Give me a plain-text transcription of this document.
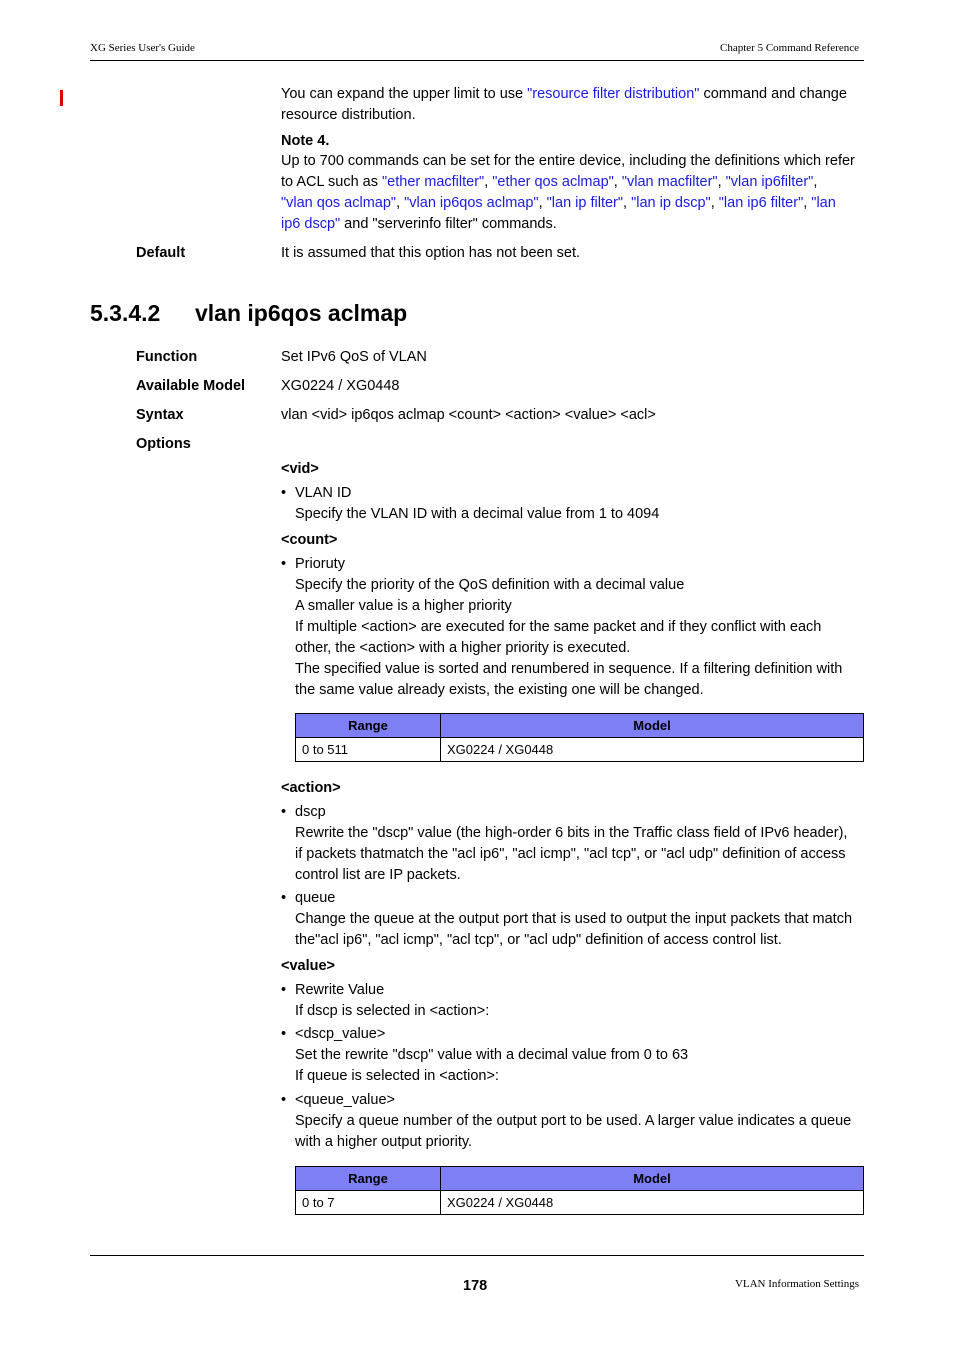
XG Series User's Guide	Chapter 5 Command Reference
You can expand the upper limit to use "resource filter distribution" command and change
resource distribution.
Note 4.
Up to 700 commands can be set for the entire device, including the definitions which refer
to ACL such as "ether macfilter", "ether qos aclmap", "vlan macfilter", "vlan ip6filter",
"vlan qos aclmap", "vlan ip6qos aclmap", "lan ip filter", "lan ip dscp", "lan ip6 filter", "lan
ip6 dscp" and "serverinfo filter" commands.
Default	It is assumed that this option has not been set.
5.3.4.2 vlan ip6qos aclmap
Function	Set IPv6 QoS of VLAN
Available Model XG0224 / XG0448
Syntax	vlan <vid> ip6qos aclmap <count> <action> <value> <acl>
Options
<vid>
• VLAN ID
Specify the VLAN ID with a decimal value from 1 to 4094
<count>
• Prioruty
Specify the priority of the QoS definition with a decimal value
A smaller value is a higher priority
If multiple <action> are executed for the same packet and if they conflict with each
other, the <action> with a higher priority is executed.
The specified value is sorted and renumbered in sequence. If a filtering definition with
the same value already exists, the existing one will be changed.
Range	Model
0 to 511	XG0224 / XG0448
<action>
• dscp
Rewrite the "dscp" value (the high-order 6 bits in the Traffic class field of IPv6 header),
if packets thatmatch the "acl ip6", "acl icmp", "acl tcp", or "acl udp" definition of access
control list are IP packets.
• queue
Change the queue at the output port that is used to output the input packets that match
the"acl ip6", "acl icmp", "acl tcp", or "acl udp" definition of access control list.
<value>
• Rewrite Value
If dscp is selected in <action>:
• <dscp_value>
Set the rewrite "dscp" value with a decimal value from 0 to 63
If queue is selected in <action>:
• <queue_value>
Specify a queue number of the output port to be used. A larger value indicates a queue
with a higher output priority.
Range	Model
0 to 7	XG0224 / XG0448
178	VLAN Information Settings
